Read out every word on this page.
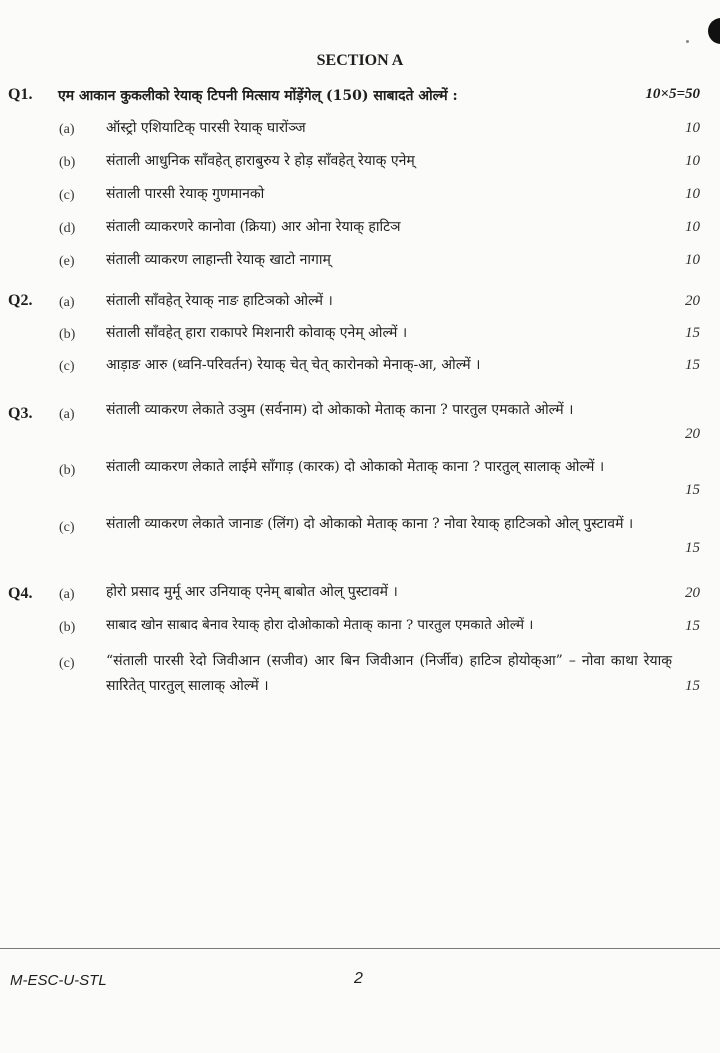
SECTION A
Q1. एम आकान कुकलीको रेयाक् टिपनी मित्साय मोंड़ेंगेल् (150) साबादते ओल्में :	10×5=50
(a) ऑस्ट्रो एशियाटिक् पारसी रेयाक् घारोंञ्ज	10
(b) संताली आधुनिक साँवहेत् हाराबुरुय रे होड़ साँवहेत् रेयाक् एनेम्	10
(c) संताली पारसी रेयाक् गुणमानको	10
(d) संताली व्याकरणरे कानोवा (क्रिया) आर ओना रेयाक् हाटिञ	10
(e) संताली व्याकरण लाहान्ती रेयाक् खाटो नागाम्	10
Q2. (a) संताली साँवहेत् रेयाक् नाङ हाटिञको ओल्में ।	20
(b) संताली साँवहेत् हारा राकापरे मिशनारी कोवाक् एनेम् ओल्में ।	15
(c) आड़ाङ आरु (ध्वनि-परिवर्तन) रेयाक् चेत् चेत् कारोनको मेनाक्-आ, ओल्में ।	15
Q3. (a) संताली व्याकरण लेकाते उञुम (सर्वनाम) दो ओकाको मेताक् काना ? पारतुल एमकाते ओल्में ।
20
(b) संताली व्याकरण लेकाते लाईमे साँगाड़ (कारक) दो ओकाको मेताक् काना ? पारतुल् सालाक् ओल्में ।
15
(c) संताली व्याकरण लेकाते जानाङ (लिंग) दो ओकाको मेताक् काना ? नोवा रेयाक् हाटिञको ओल् पुस्टावमें ।
15
Q4. (a) होरो प्रसाद मुर्मू आर उनियाक् एनेम् बाबोत ओल् पुस्टावमें ।	20
(b) साबाद खोन साबाद बेनाव रेयाक् होरा दोओकाको मेताक् काना ? पारतुल एमकाते ओल्में ।	15
(c) “संताली पारसी रेदो जिवीआन (सजीव) आर बिन जिवीआन (निर्जीव) हाटिञ होयोक्आ” – नोवा काथा रेयाक् सारितेत् पारतुल् सालाक् ओल्में ।	15
M-ESC-U-STL	2
